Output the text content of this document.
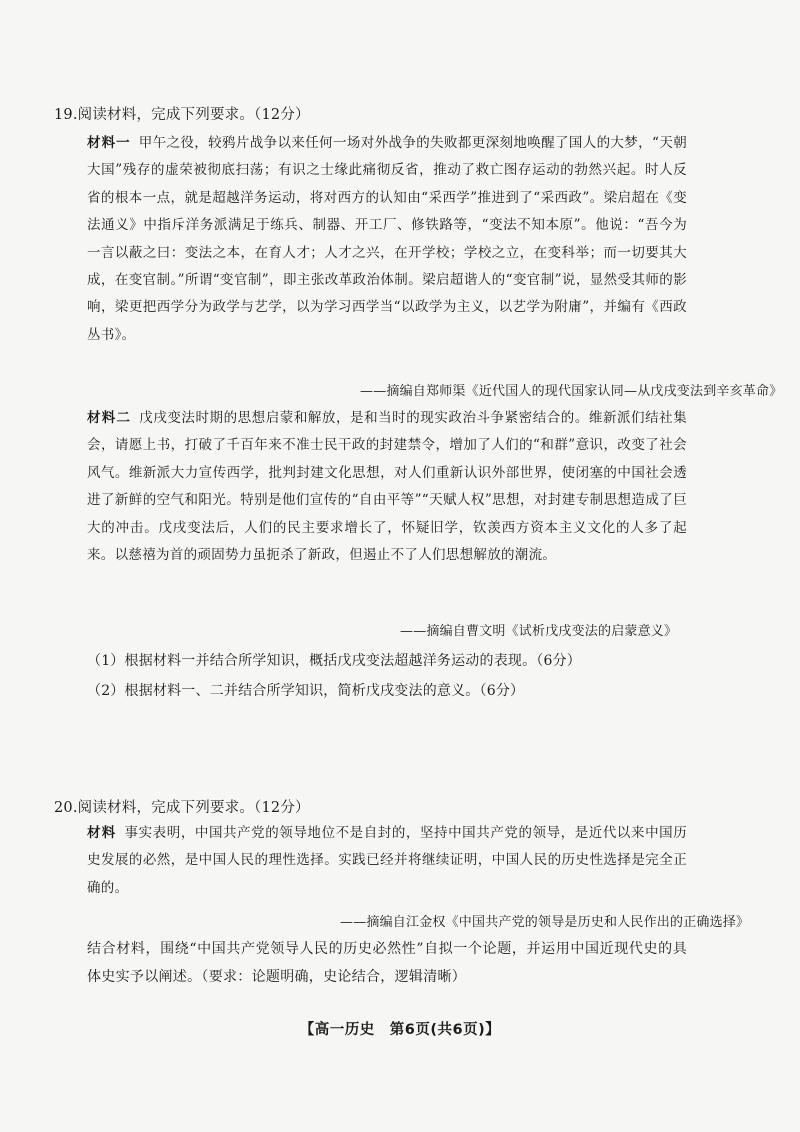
19.阅读材料，完成下列要求。（12分）
材料一 甲午之役，较鸦片战争以来任何一场对外战争的失败都更深刻地唤醒了国人的大梦，“天朝大国”残存的虚荣被彻底扫荡；有识之士缘此痛彻反省，推动了救亡图存运动的勃然兴起。时人反省的根本一点，就是超越洋务运动，将对西方的认知由“采西学”推进到了“采西政”。梁启超在《变法通义》中指斥洋务派满足于练兵、制器、开工厂、修铁路等，“变法不知本原”。他说：“吾今为一言以蔽之曰：变法之本，在育人才；人才之兴，在开学校；学校之立，在变科举；而一切要其大成，在变官制。”所谓“变官制”，即主张改革政治体制。梁启超谐人的“变官制”说，显然受其师的影响，梁更把西学分为政学与艺学，以为学习西学当“以政学为主义，以艺学为附庸”，并编有《西政丛书》。
——摘编自郑师渠《近代国人的现代国家认同—从戊戌变法到辛亥革命》
材料二 戊戌变法时期的思想启蒙和解放，是和当时的现实政治斗争紧密结合的。维新派们结社集会，请愿上书，打破了千百年来不准士民干政的封建禁令，增加了人们的“和群”意识，改变了社会风气。维新派大力宣传西学，批判封建文化思想，对人们重新认识外部世界，使闭塞的中国社会透进了新鲜的空气和阳光。特别是他们宣传的“自由平等”“天赋人权”思想，对封建专制思想造成了巨大的冲击。戊戌变法后，人们的民主要求增长了，怀疑旧学，钦羡西方资本主义文化的人多了起来。以慈禧为首的顽固势力虽扼杀了新政，但遏止不了人们思想解放的潮流。
——摘编自曹文明《试析戊戌变法的启蒙意义》
（1）根据材料一并结合所学知识，概括戊戌变法超越洋务运动的表现。（6分）
（2）根据材料一、二并结合所学知识，简析戊戌变法的意义。（6分）
20.阅读材料，完成下列要求。（12分）
材料 事实表明，中国共产党的领导地位不是自封的，坚持中国共产党的领导，是近代以来中国历史发展的必然，是中国人民的理性选择。实践已经并将继续证明，中国人民的历史性选择是完全正确的。
——摘编自江金权《中国共产党的领导是历史和人民作出的正确选择》
结合材料，围绕“中国共产党领导人民的历史必然性”自拟一个论题，并运用中国近现代史的具体史实予以阐述。（要求：论题明确，史论结合，逻辑清晰）
【高一历史　第6页(共6页)】
